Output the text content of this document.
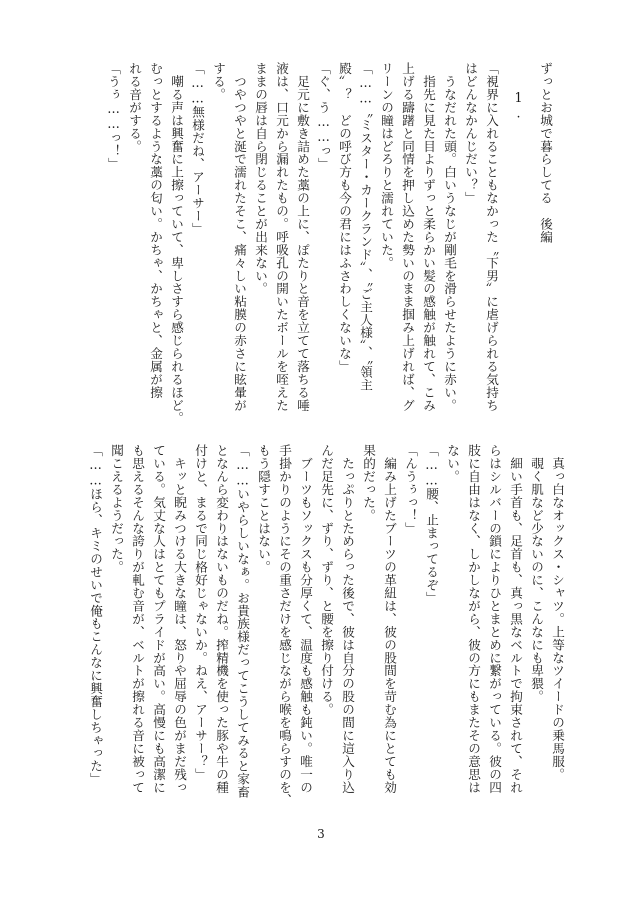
ずっとお城で暮らしてる　後編
1.
「視界に入れることもなかった〝下男〟に虐げられる気持ち
はどんなかんじだい？」
　うなだれた頭。白いうなじが剛毛を滑らせたように赤い。
　指先に見た目よりずっと柔らかい髪の感触が触れて、こみ
上げる躊躇と同情を押し込めた勢いのまま掴み上げれば、グ
リーンの瞳はどろりと濡れていた。
「……〝ミスター・カークランド〟、〝ご主人様〟、〝領主
殿〟？　どの呼び方も今の君にはふさわしくないな」
「ぐ、う……っ」
　足元に敷き詰めた藁の上に、ぽたりと音を立てて落ちる唾
液は、口元から漏れたもの。呼吸孔の開いたボールを咥えた
ままの唇は自ら閉じることが出来ない。
　つやつやと涎で濡れたそこ、痛々しい粘膜の赤さに眩暈が
する。
「……無様だね、アーサー」
　嘲る声は興奮に上擦っていて、卑しさすら感じられるほど。
むっとするような藁の匂い。かちゃ、かちゃと、金属が擦
れる音がする。
「うぅ……っ！」
　真っ白なオックス・シャツ。上等なツイードの乗馬服。
　覗く肌など少ないのに、こんなにも卑猥。
　細い手首も、足首も、真っ黒なベルトで拘束されて、それ
らはシルバーの鎖によりひとまとめに繋がっている。彼の四
肢に自由はなく、しかしながら、彼の方にもまたその意思は
ない。
「……腰、止まってるぞ」
「んうぅっ！」
　編み上げたブーツの革紐は、彼の股間を苛む為にとても効
果的だった。
　たっぷりとためらった後で、彼は自分の股の間に這入り込
んだ足先に、ずり、ずり、と腰を擦り付ける。
　ブーツもソックスも分厚くて、温度も感触も鈍い。唯一の
手掛かりのようにその重さだけを感じながら喉を鳴らすのを、
もう隠すことはない。
「……いやらしいなぁ。お貴族様だってこうしてみると家畜
となんら変わりはないものだね。搾精機を使った豚や牛の種
付けと、まるで同じ格好じゃないか。ねえ、アーサー？」
　キッと睨みつける大きな瞳は、怒りや屈辱の色がまだ残っ
ている。気丈な人はとてもプライドが高い。高慢にも高潔に
も思えるそんな誇りが軋む音が、ベルトが擦れる音に被って
聞こえるようだった。
「……ほら、キミのせいで俺もこんなに興奮しちゃった」
3
